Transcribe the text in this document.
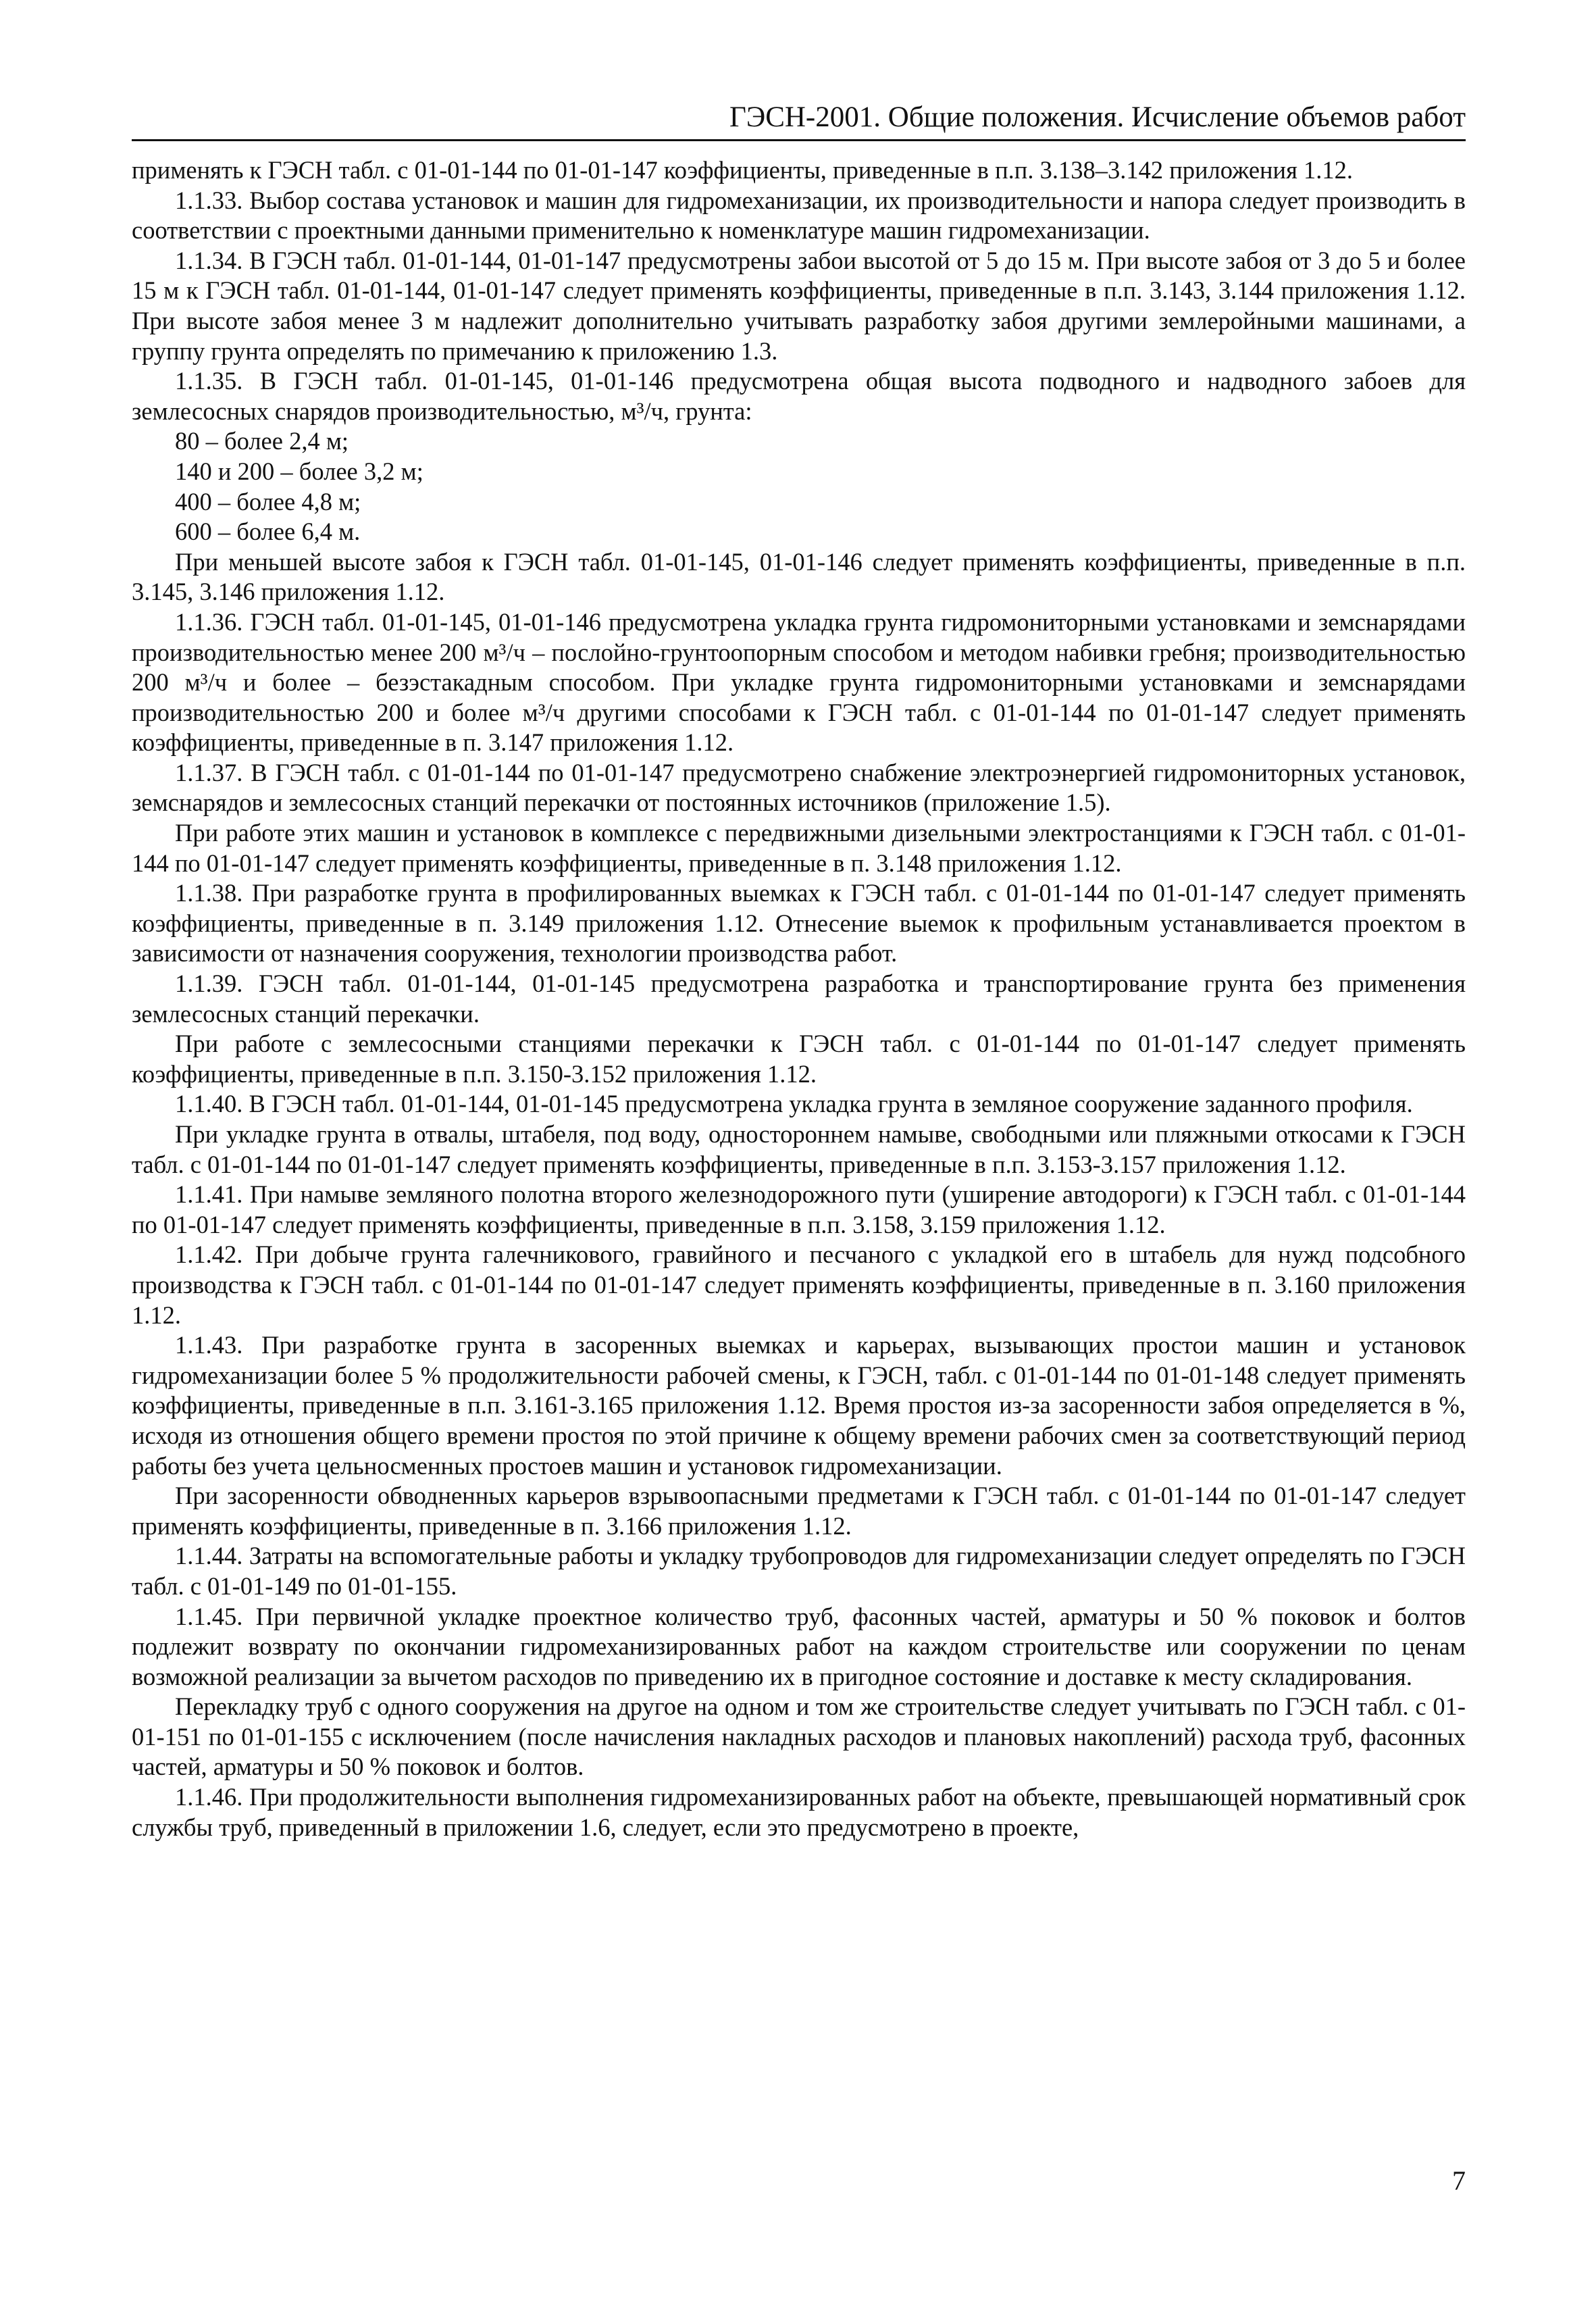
ГЭСН-2001. Общие положения. Исчисление объемов работ

применять к ГЭСН табл. с 01-01-144 по 01-01-147 коэффициенты, приведенные в п.п. 3.138–3.142 приложения 1.12.

1.1.33. Выбор состава установок и машин для гидромеханизации, их производительности и напора следует производить в соответствии с проектными данными применительно к номенклатуре машин гидромеханизации.

1.1.34. В ГЭСН табл. 01-01-144, 01-01-147 предусмотрены забои высотой от 5 до 15 м. При высоте забоя от 3 до 5 и более 15 м к ГЭСН табл. 01-01-144, 01-01-147 следует применять коэффициенты, приведенные в п.п. 3.143, 3.144 приложения 1.12. При высоте забоя менее 3 м надлежит дополнительно учитывать разработку забоя другими землеройными машинами, а группу грунта определять по примечанию к приложению 1.3.

1.1.35. В ГЭСН табл. 01-01-145, 01-01-146 предусмотрена общая высота подводного и надводного забоев для землесосных снарядов производительностью, м³/ч, грунта:

80 – более 2,4 м;

140 и 200 – более 3,2 м;

400 – более 4,8 м;

600 – более 6,4 м.

При меньшей высоте забоя к ГЭСН табл. 01-01-145, 01-01-146 следует применять коэффициенты, приведенные в п.п. 3.145, 3.146 приложения 1.12.

1.1.36. ГЭСН табл. 01-01-145, 01-01-146 предусмотрена укладка грунта гидромониторными установками и земснарядами производительностью менее 200 м³/ч – послойно-грунтоопорным способом и методом набивки гребня; производительностью 200 м³/ч и более – безэстакадным способом. При укладке грунта гидромониторными установками и земснарядами производительностью 200 и более м³/ч другими способами к ГЭСН табл. с 01-01-144 по 01-01-147 следует применять коэффициенты, приведенные в п. 3.147 приложения 1.12.

1.1.37. В ГЭСН табл. с 01-01-144 по 01-01-147 предусмотрено снабжение электроэнергией гидромониторных установок, земснарядов и землесосных станций перекачки от постоянных источников (приложение 1.5).

При работе этих машин и установок в комплексе с передвижными дизельными электростанциями к ГЭСН табл. с 01-01-144 по 01-01-147 следует применять коэффициенты, приведенные в п. 3.148 приложения 1.12.

1.1.38. При разработке грунта в профилированных выемках к ГЭСН табл. с 01-01-144 по 01-01-147 следует применять коэффициенты, приведенные в п. 3.149 приложения 1.12. Отнесение выемок к профильным устанавливается проектом в зависимости от назначения сооружения, технологии производства работ.

1.1.39. ГЭСН табл. 01-01-144, 01-01-145 предусмотрена разработка и транспортирование грунта без применения землесосных станций перекачки.

При работе с землесосными станциями перекачки к ГЭСН табл. с 01-01-144 по 01-01-147 следует применять коэффициенты, приведенные в п.п. 3.150-3.152 приложения 1.12.

1.1.40. В ГЭСН табл. 01-01-144, 01-01-145 предусмотрена укладка грунта в земляное сооружение заданного профиля.

При укладке грунта в отвалы, штабеля, под воду, одностороннем намыве, свободными или пляжными откосами к ГЭСН табл. с 01-01-144 по 01-01-147 следует применять коэффициенты, приведенные в п.п. 3.153-3.157 приложения 1.12.

1.1.41. При намыве земляного полотна второго железнодорожного пути (уширение автодороги) к ГЭСН табл. с 01-01-144 по 01-01-147 следует применять коэффициенты, приведенные в п.п. 3.158, 3.159 приложения 1.12.

1.1.42. При добыче грунта галечникового, гравийного и песчаного с укладкой его в штабель для нужд подсобного производства к ГЭСН табл. с 01-01-144 по 01-01-147 следует применять коэффициенты, приведенные в п. 3.160 приложения 1.12.

1.1.43. При разработке грунта в засоренных выемках и карьерах, вызывающих простои машин и установок гидромеханизации более 5 % продолжительности рабочей смены, к ГЭСН, табл. с 01-01-144 по 01-01-148 следует применять коэффициенты, приведенные в п.п. 3.161-3.165 приложения 1.12. Время простоя из-за засоренности забоя определяется в %, исходя из отношения общего времени простоя по этой причине к общему времени рабочих смен за соответствующий период работы без учета цельносменных простоев машин и установок гидромеханизации.

При засоренности обводненных карьеров взрывоопасными предметами к ГЭСН табл. с 01-01-144 по 01-01-147 следует применять коэффициенты, приведенные в п. 3.166 приложения 1.12.

1.1.44. Затраты на вспомогательные работы и укладку трубопроводов для гидромеханизации следует определять по ГЭСН табл. с 01-01-149 по 01-01-155.

1.1.45. При первичной укладке проектное количество труб, фасонных частей, арматуры и 50 % поковок и болтов подлежит возврату по окончании гидромеханизированных работ на каждом строительстве или сооружении по ценам возможной реализации за вычетом расходов по приведению их в пригодное состояние и доставке к месту складирования.

Перекладку труб с одного сооружения на другое на одном и том же строительстве следует учитывать по ГЭСН табл. с 01-01-151 по 01-01-155 с исключением (после начисления накладных расходов и плановых накоплений) расхода труб, фасонных частей, арматуры и 50 % поковок и болтов.

1.1.46. При продолжительности выполнения гидромеханизированных работ на объекте, превышающей нормативный срок службы труб, приведенный в приложении 1.6, следует, если это предусмотрено в проекте,

7
